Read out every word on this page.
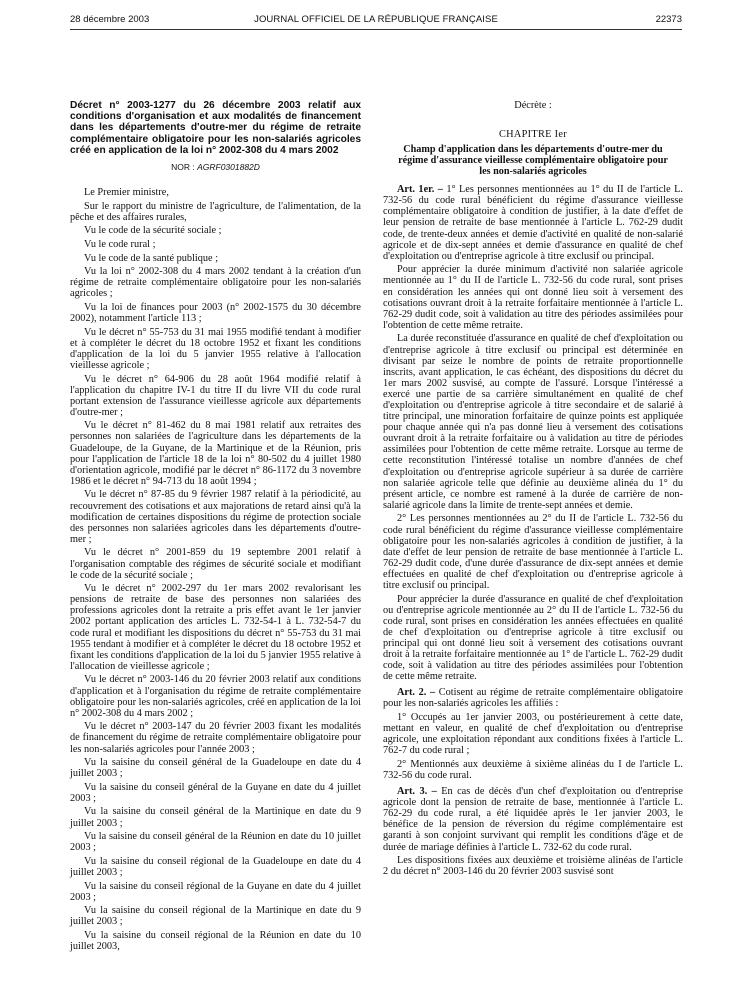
28 décembre 2003	JOURNAL OFFICIEL DE LA RÉPUBLIQUE FRANÇAISE	22373
Décret n° 2003-1277 du 26 décembre 2003 relatif aux conditions d'organisation et aux modalités de financement dans les départements d'outre-mer du régime de retraite complémentaire obligatoire pour les non-salariés agricoles créé en application de la loi n° 2002-308 du 4 mars 2002
NOR : AGRF0301882D

Le Premier ministre,

Sur le rapport du ministre de l'agriculture, de l'alimentation, de la pêche et des affaires rurales,

Vu le code de la sécurité sociale ;

Vu le code rural ;

Vu le code de la santé publique ;

Vu la loi n° 2002-308 du 4 mars 2002 tendant à la création d'un régime de retraite complémentaire obligatoire pour les non-salariés agricoles ;

Vu la loi de finances pour 2003 (n° 2002-1575 du 30 décembre 2002), notamment l'article 113 ;

Vu le décret n° 55-753 du 31 mai 1955 modifié tendant à modifier et à compléter le décret du 18 octobre 1952 et fixant les conditions d'application de la loi du 5 janvier 1955 relative à l'allocation vieillesse agricole ;

Vu le décret n° 64-906 du 28 août 1964 modifié relatif à l'application du chapitre IV-1 du titre II du livre VII du code rural portant extension de l'assurance vieillesse agricole aux départements d'outre-mer ;

Vu le décret n° 81-462 du 8 mai 1981 relatif aux retraites des personnes non salariées de l'agriculture dans les départements de la Guadeloupe, de la Guyane, de la Martinique et de la Réunion, pris pour l'application de l'article 18 de la loi n° 80-502 du 4 juillet 1980 d'orientation agricole, modifié par le décret n° 86-1172 du 3 novembre 1986 et le décret n° 94-713 du 18 août 1994 ;

Vu le décret n° 87-85 du 9 février 1987 relatif à la périodicité, au recouvrement des cotisations et aux majorations de retard ainsi qu'à la modification de certaines dispositions du régime de protection sociale des personnes non salariées agricoles dans les départements d'outre-mer ;

Vu le décret n° 2001-859 du 19 septembre 2001 relatif à l'organisation comptable des régimes de sécurité sociale et modifiant le code de la sécurité sociale ;

Vu le décret n° 2002-297 du 1er mars 2002 revalorisant les pensions de retraite de base des personnes non salariées des professions agricoles dont la retraite a pris effet avant le 1er janvier 2002 portant application des articles L. 732-54-1 à L. 732-54-7 du code rural et modifiant les dispositions du décret n° 55-753 du 31 mai 1955 tendant à modifier et à compléter le décret du 18 octobre 1952 et fixant les conditions d'application de la loi du 5 janvier 1955 relative à l'allocation de vieillesse agricole ;

Vu le décret n° 2003-146 du 20 février 2003 relatif aux conditions d'application et à l'organisation du régime de retraite complémentaire obligatoire pour les non-salariés agricoles, créé en application de la loi n° 2002-308 du 4 mars 2002 ;

Vu le décret n° 2003-147 du 20 février 2003 fixant les modalités de financement du régime de retraite complémentaire obligatoire pour les non-salariés agricoles pour l'année 2003 ;

Vu la saisine du conseil général de la Guadeloupe en date du 4 juillet 2003 ;

Vu la saisine du conseil général de la Guyane en date du 4 juillet 2003 ;

Vu la saisine du conseil général de la Martinique en date du 9 juillet 2003 ;

Vu la saisine du conseil général de la Réunion en date du 10 juillet 2003 ;

Vu la saisine du conseil régional de la Guadeloupe en date du 4 juillet 2003 ;

Vu la saisine du conseil régional de la Guyane en date du 4 juillet 2003 ;

Vu la saisine du conseil régional de la Martinique en date du 9 juillet 2003 ;

Vu la saisine du conseil régional de la Réunion en date du 10 juillet 2003,

Décrète :
CHAPITRE Ier
Champ d'application dans les départements d'outre-mer du régime d'assurance vieillesse complémentaire obligatoire pour les non-salariés agricoles

Art. 1er. – 1° Les personnes mentionnées au 1° du II de l'article L. 732-56 du code rural bénéficient du régime d'assurance vieillesse complémentaire obligatoire à condition de justifier, à la date d'effet de leur pension de retraite de base mentionnée à l'article L. 762-29 dudit code, de trente-deux années et demie d'activité en qualité de non-salarié agricole et de dix-sept années et demie d'assurance en qualité de chef d'exploitation ou d'entreprise agricole à titre exclusif ou principal.

Pour apprécier la durée minimum d'activité non salariée agricole mentionnée au 1° du II de l'article L. 732-56 du code rural, sont prises en considération les années qui ont donné lieu soit à versement des cotisations ouvrant droit à la retraite forfaitaire mentionnée à l'article L. 762-29 dudit code, soit à validation au titre des périodes assimilées pour l'obtention de cette même retraite.

La durée reconstituée d'assurance en qualité de chef d'exploitation ou d'entreprise agricole à titre exclusif ou principal est déterminée en divisant par seize le nombre de points de retraite proportionnelle inscrits, avant application, le cas échéant, des dispositions du décret du 1er mars 2002 susvisé, au compte de l'assuré. Lorsque l'intéressé a exercé une partie de sa carrière simultanément en qualité de chef d'exploitation ou d'entreprise agricole à titre secondaire et de salarié à titre principal, une minoration forfaitaire de quinze points est appliquée pour chaque année qui n'a pas donné lieu à versement des cotisations ouvrant droit à la retraite forfaitaire ou à validation au titre de périodes assimilées pour l'obtention de cette même retraite. Lorsque au terme de cette reconstitution l'intéressé totalise un nombre d'années de chef d'exploitation ou d'entreprise agricole supérieur à sa durée de carrière non salariée agricole telle que définie au deuxième alinéa du 1° du présent article, ce nombre est ramené à la durée de carrière de non-salarié agricole dans la limite de trente-sept années et demie.

2° Les personnes mentionnées au 2° du II de l'article L. 732-56 du code rural bénéficient du régime d'assurance vieillesse complémentaire obligatoire pour les non-salariés agricoles à condition de justifier, à la date d'effet de leur pension de retraite de base mentionnée à l'article L. 762-29 dudit code, d'une durée d'assurance de dix-sept années et demie effectuées en qualité de chef d'exploitation ou d'entreprise agricole à titre exclusif ou principal.

Pour apprécier la durée d'assurance en qualité de chef d'exploitation ou d'entreprise agricole mentionnée au 2° du II de l'article L. 732-56 du code rural, sont prises en considération les années effectuées en qualité de chef d'exploitation ou d'entreprise agricole à titre exclusif ou principal qui ont donné lieu soit à versement des cotisations ouvrant droit à la retraite forfaitaire mentionnée au 1° de l'article L. 762-29 dudit code, soit à validation au titre des périodes assimilées pour l'obtention de cette même retraite.

Art. 2. – Cotisent au régime de retraite complémentaire obligatoire pour les non-salariés agricoles les affiliés :

1° Occupés au 1er janvier 2003, ou postérieurement à cette date, mettant en valeur, en qualité de chef d'exploitation ou d'entreprise agricole, une exploitation répondant aux conditions fixées à l'article L. 762-7 du code rural ;

2° Mentionnés aux deuxième à sixième alinéas du I de l'article L. 732-56 du code rural.

Art. 3. – En cas de décès d'un chef d'exploitation ou d'entreprise agricole dont la pension de retraite de base, mentionnée à l'article L. 762-29 du code rural, a été liquidée après le 1er janvier 2003, le bénéfice de la pension de réversion du régime complémentaire est garanti à son conjoint survivant qui remplit les conditions d'âge et de durée de mariage définies à l'article L. 732-62 du code rural.

Les dispositions fixées aux deuxième et troisième alinéas de l'article 2 du décret n° 2003-146 du 20 février 2003 susvisé sont
